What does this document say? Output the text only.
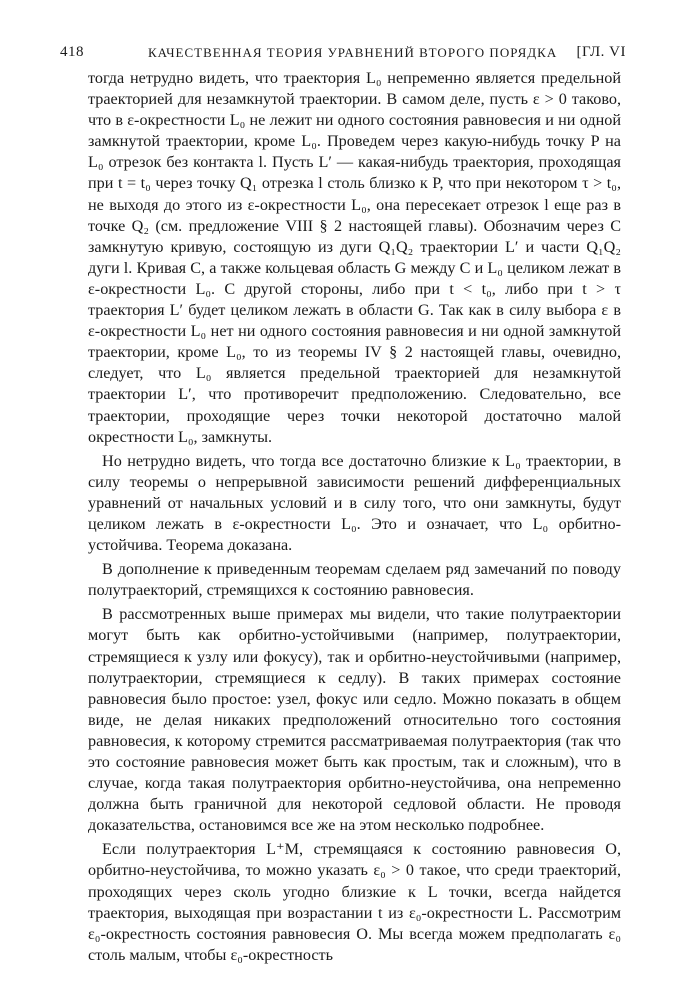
418	КАЧЕСТВЕННАЯ ТЕОРИЯ УРАВНЕНИЙ ВТОРОГО ПОРЯДКА [ГЛ. VI

тогда нетрудно видеть, что траектория L₀ непременно является предельной траекторией для незамкнутой траектории. В самом деле, пусть ε > 0 таково, что в ε-окрестности L₀ не лежит ни одного состояния равновесия и ни одной замкнутой траектории, кроме L₀. Проведем через какую-нибудь точку P на L₀ отрезок без контакта l. Пусть L′ — какая-нибудь траектория, проходящая при t = t₀ через точку Q₁ отрезка l столь близко к P, что при некотором τ > t₀, не выходя до этого из ε-окрестности L₀, она пересекает отрезок l еще раз в точке Q₂ (см. предложение VIII § 2 настоящей главы). Обозначим через C замкнутую кривую, состоящую из дуги Q₁Q₂ траектории L′ и части Q₁Q₂ дуги l. Кривая C, а также кольцевая область G между C и L₀ целиком лежат в ε-окрестности L₀. С другой стороны, либо при t < t₀, либо при t > τ траектория L′ будет целиком лежать в области G. Так как в силу выбора ε в ε-окрестности L₀ нет ни одного состояния равновесия и ни одной замкнутой траектории, кроме L₀, то из теоремы IV § 2 настоящей главы, очевидно, следует, что L₀ является предельной траекторией для незамкнутой траектории L′, что противоречит предположению. Следовательно, все траектории, проходящие через точки некоторой достаточно малой окрестности L₀, замкнуты.

Но нетрудно видеть, что тогда все достаточно близкие к L₀ траектории, в силу теоремы о непрерывной зависимости решений дифференциальных уравнений от начальных условий и в силу того, что они замкнуты, будут целиком лежать в ε-окрестности L₀. Это и означает, что L₀ орбитно-устойчива. Теорема доказана.

В дополнение к приведенным теоремам сделаем ряд замечаний по поводу полутраекторий, стремящихся к состоянию равновесия.

В рассмотренных выше примерах мы видели, что такие полутраектории могут быть как орбитно-устойчивыми (например, полутраектории, стремящиеся к узлу или фокусу), так и орбитно-неустойчивыми (например, полутраектории, стремящиеся к седлу). В таких примерах состояние равновесия было простое: узел, фокус или седло. Можно показать в общем виде, не делая никаких предположений относительно того состояния равновесия, к которому стремится рассматриваемая полутраектория (так что это состояние равновесия может быть как простым, так и сложным), что в случае, когда такая полутраектория орбитно-неустойчива, она непременно должна быть граничной для некоторой седловой области. Не проводя доказательства, остановимся все же на этом несколько подробнее.

Если полутраектория L⁺M, стремящаяся к состоянию равновесия O, орбитно-неустойчива, то можно указать ε₀ > 0 такое, что среди траекторий, проходящих через сколь угодно близкие к L точки, всегда найдется траектория, выходящая при возрастании t из ε₀-окрестности L. Рассмотрим ε₀-окрестность состояния равновесия O. Мы всегда можем предполагать ε₀ столь малым, чтобы ε₀-окрестность
